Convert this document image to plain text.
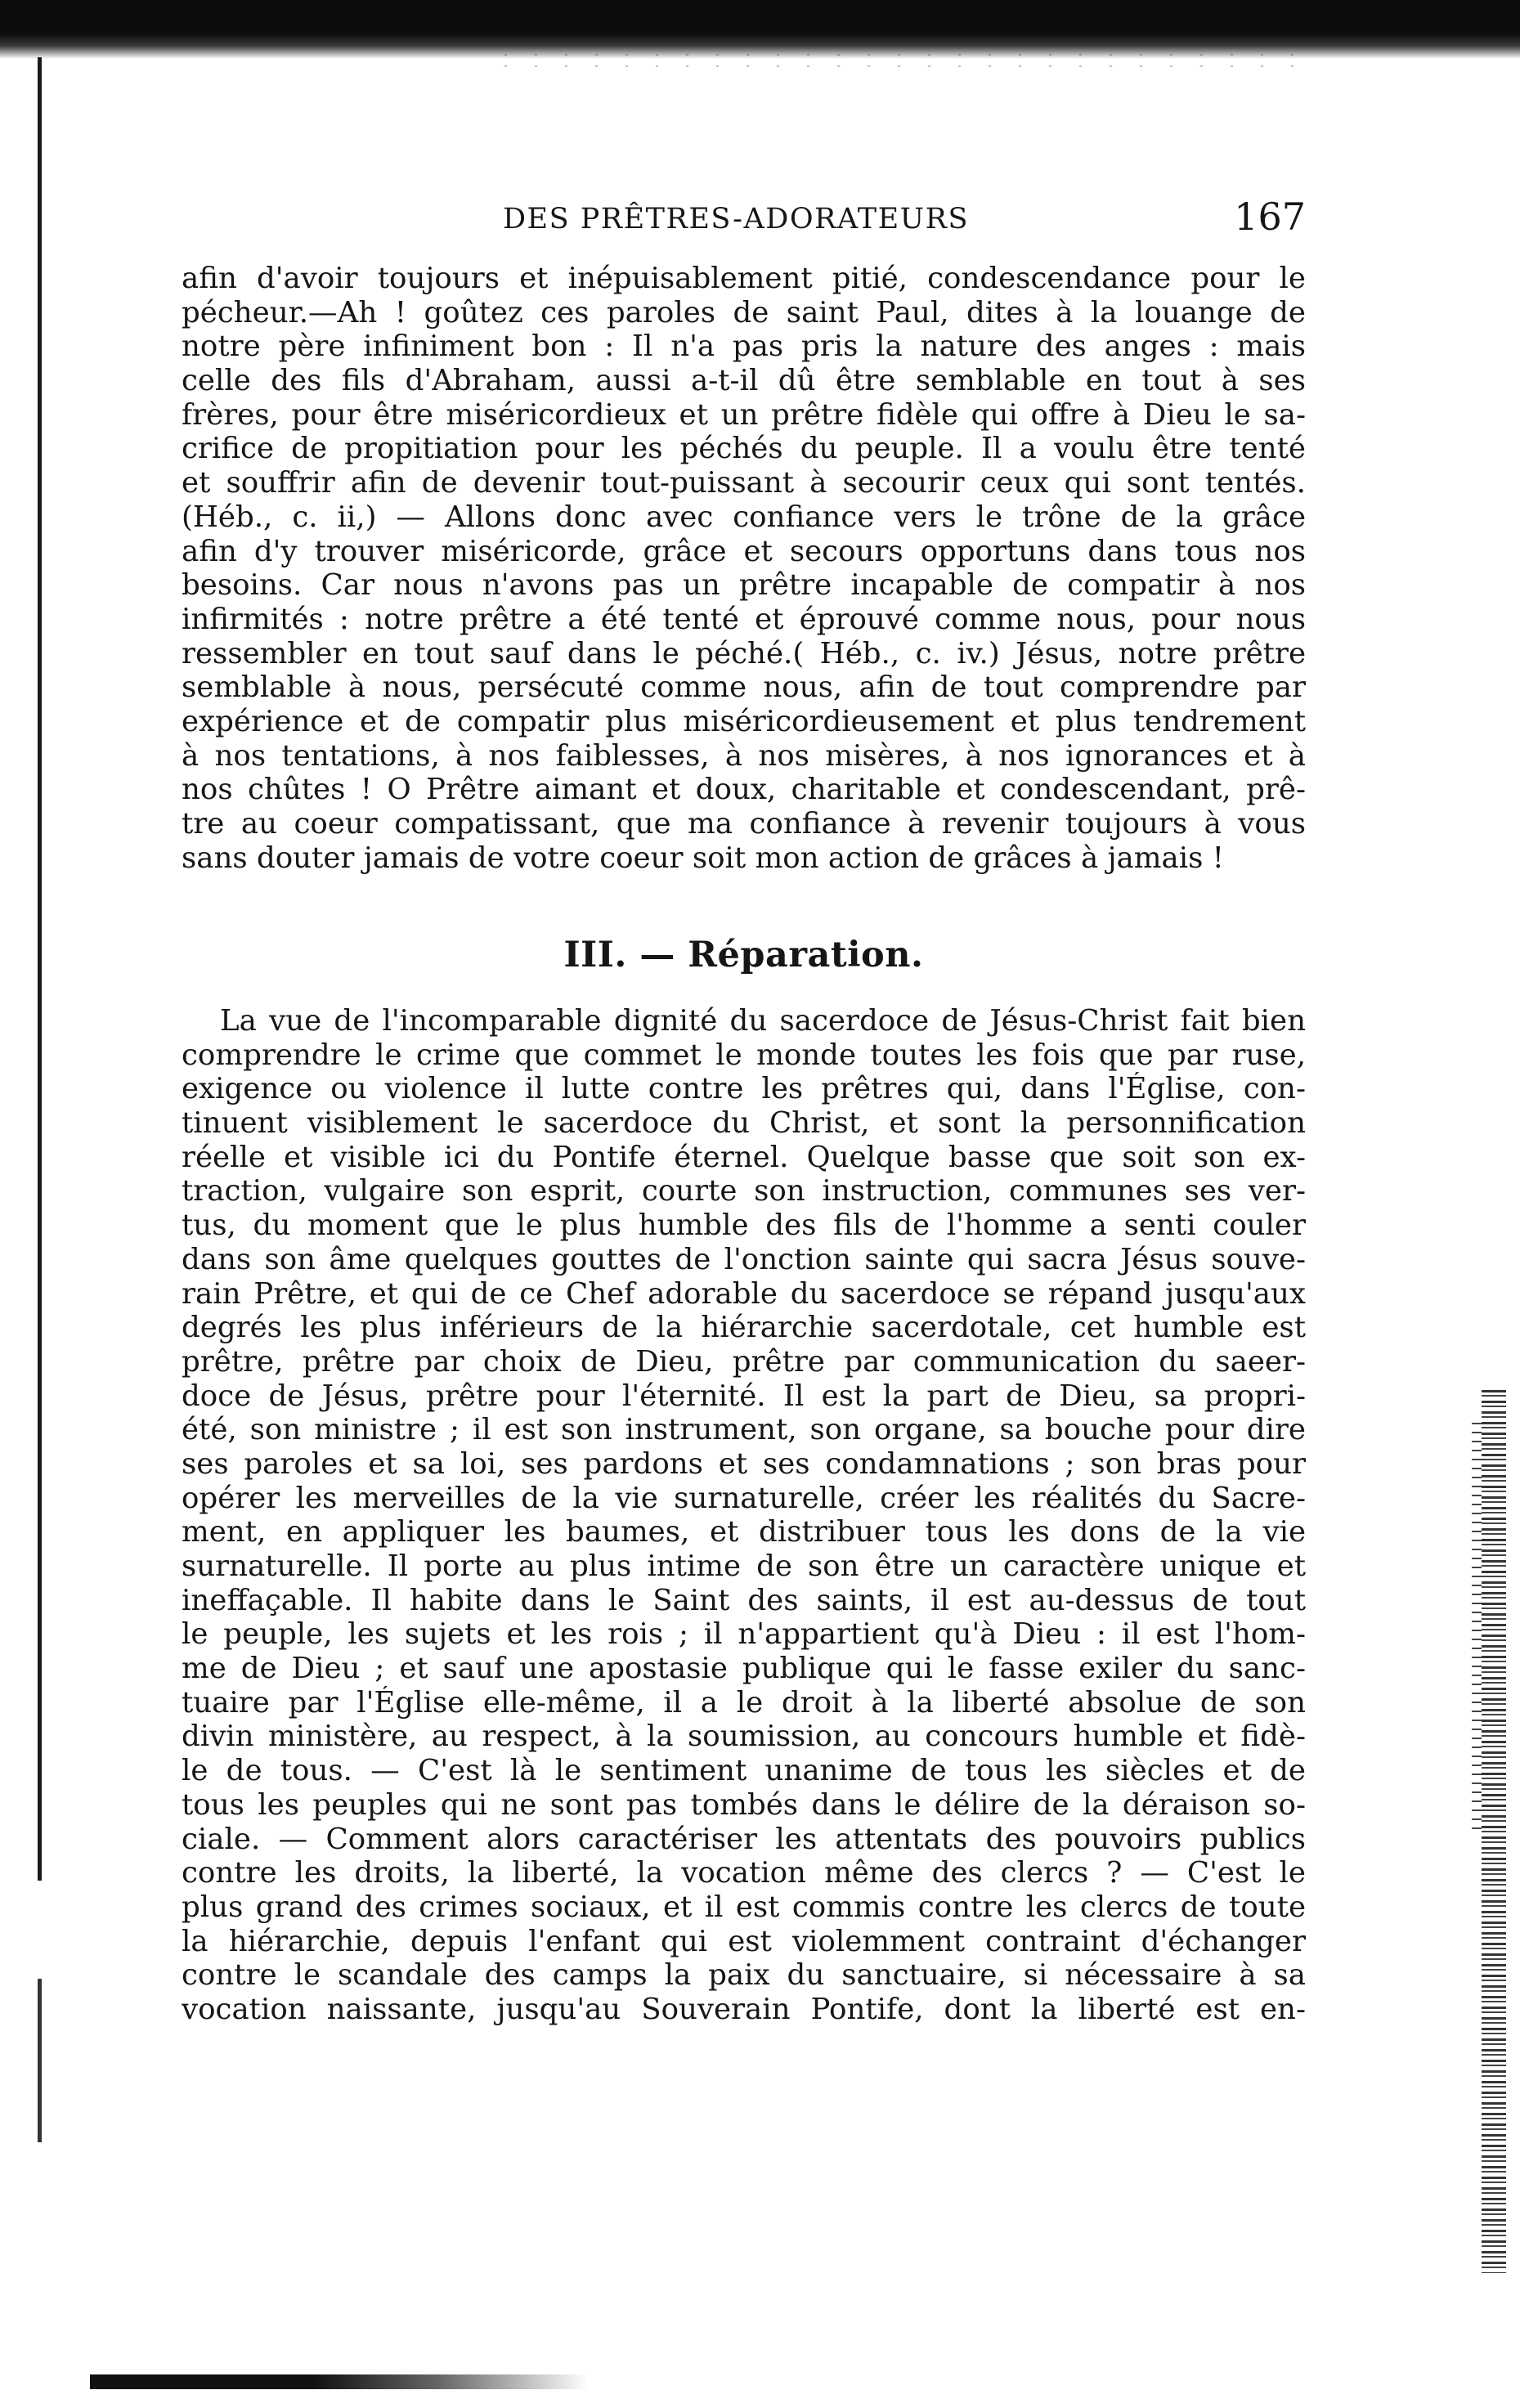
DES PRÊTRES-ADORATEURS	167
afin d'avoir toujours et inépuisablement pitié, condescendance pour le
pécheur.—Ah ! goûtez ces paroles de saint Paul, dites à la louange de
notre père infiniment bon : Il n'a pas pris la nature des anges : mais
celle des fils d'Abraham, aussi a-t-il dû être semblable en tout à ses
frères, pour être miséricordieux et un prêtre fidèle qui offre à Dieu le sa-
crifice de propitiation pour les péchés du peuple. Il a voulu être tenté
et souffrir afin de devenir tout-puissant à secourir ceux qui sont tentés.
(Héb., c. ii,) — Allons donc avec confiance vers le trône de la grâce
afin d'y trouver miséricorde, grâce et secours opportuns dans tous nos
besoins. Car nous n'avons pas un prêtre incapable de compatir à nos
infirmités : notre prêtre a été tenté et éprouvé comme nous, pour nous
ressembler en tout sauf dans le péché.( Héb., c. iv.) Jésus, notre prêtre
semblable à nous, persécuté comme nous, afin de tout comprendre par
expérience et de compatir plus miséricordieusement et plus tendrement
à nos tentations, à nos faiblesses, à nos misères, à nos ignorances et à
nos chûtes ! O Prêtre aimant et doux, charitable et condescendant, prê-
tre au coeur compatissant, que ma confiance à revenir toujours à vous
sans douter jamais de votre coeur soit mon action de grâces à jamais !
III. — Réparation.
La vue de l'incomparable dignité du sacerdoce de Jésus-Christ fait bien
comprendre le crime que commet le monde toutes les fois que par ruse,
exigence ou violence il lutte contre les prêtres qui, dans l'Église, con-
tinuent visiblement le sacerdoce du Christ, et sont la personnification
réelle et visible ici du Pontife éternel. Quelque basse que soit son ex-
traction, vulgaire son esprit, courte son instruction, communes ses ver-
tus, du moment que le plus humble des fils de l'homme a senti couler
dans son âme quelques gouttes de l'onction sainte qui sacra Jésus souve-
rain Prêtre, et qui de ce Chef adorable du sacerdoce se répand jusqu'aux
degrés les plus inférieurs de la hiérarchie sacerdotale, cet humble est
prêtre, prêtre par choix de Dieu, prêtre par communication du saeer-
doce de Jésus, prêtre pour l'éternité. Il est la part de Dieu, sa propri-
été, son ministre ; il est son instrument, son organe, sa bouche pour dire
ses paroles et sa loi, ses pardons et ses condamnations ; son bras pour
opérer les merveilles de la vie surnaturelle, créer les réalités du Sacre-
ment, en appliquer les baumes, et distribuer tous les dons de la vie
surnaturelle. Il porte au plus intime de son être un caractère unique et
ineffaçable. Il habite dans le Saint des saints, il est au-dessus de tout
le peuple, les sujets et les rois ; il n'appartient qu'à Dieu : il est l'hom-
me de Dieu ; et sauf une apostasie publique qui le fasse exiler du sanc-
tuaire par l'Église elle-même, il a le droit à la liberté absolue de son
divin ministère, au respect, à la soumission, au concours humble et fidè-
le de tous. — C'est là le sentiment unanime de tous les siècles et de
tous les peuples qui ne sont pas tombés dans le délire de la déraison so-
ciale. — Comment alors caractériser les attentats des pouvoirs publics
contre les droits, la liberté, la vocation même des clercs ? — C'est le
plus grand des crimes sociaux, et il est commis contre les clercs de toute
la hiérarchie, depuis l'enfant qui est violemment contraint d'échanger
contre le scandale des camps la paix du sanctuaire, si nécessaire à sa
vocation naissante, jusqu'au Souverain Pontife, dont la liberté est en-
